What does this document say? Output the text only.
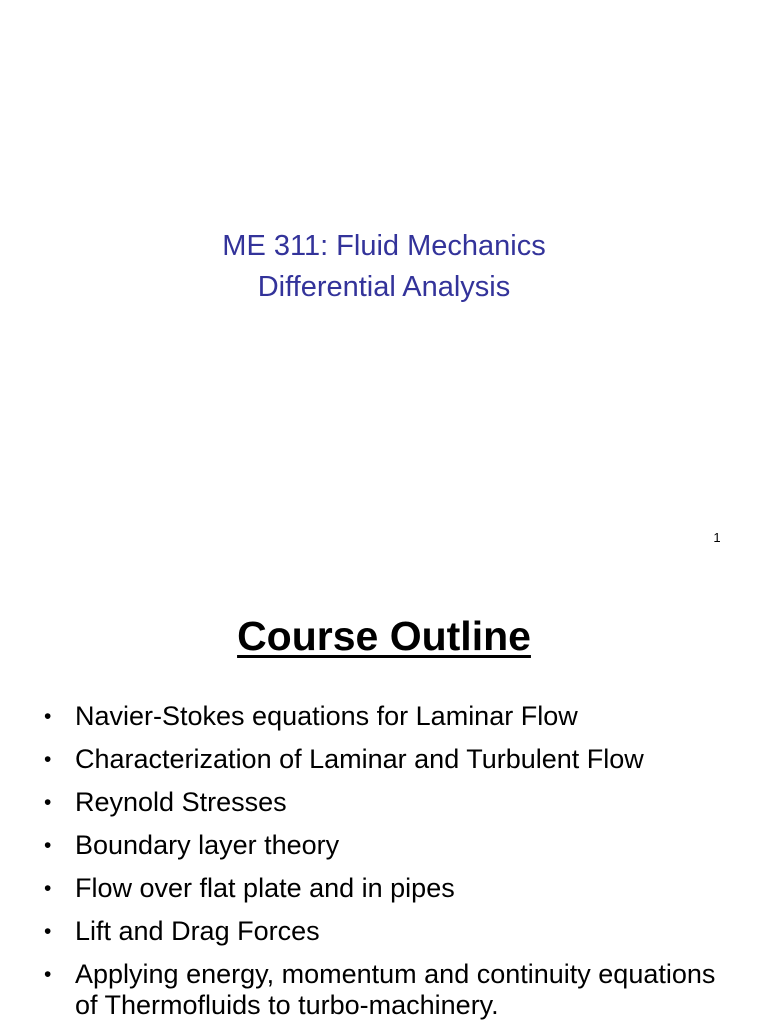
ME 311: Fluid Mechanics
Differential Analysis
1
Course Outline
• Navier-Stokes equations for Laminar Flow
• Characterization of Laminar and Turbulent Flow
• Reynold Stresses
• Boundary layer theory
• Flow over flat plate and in pipes
• Lift and Drag Forces
• Applying energy, momentum and continuity equations of Thermofluids to turbo-machinery.
